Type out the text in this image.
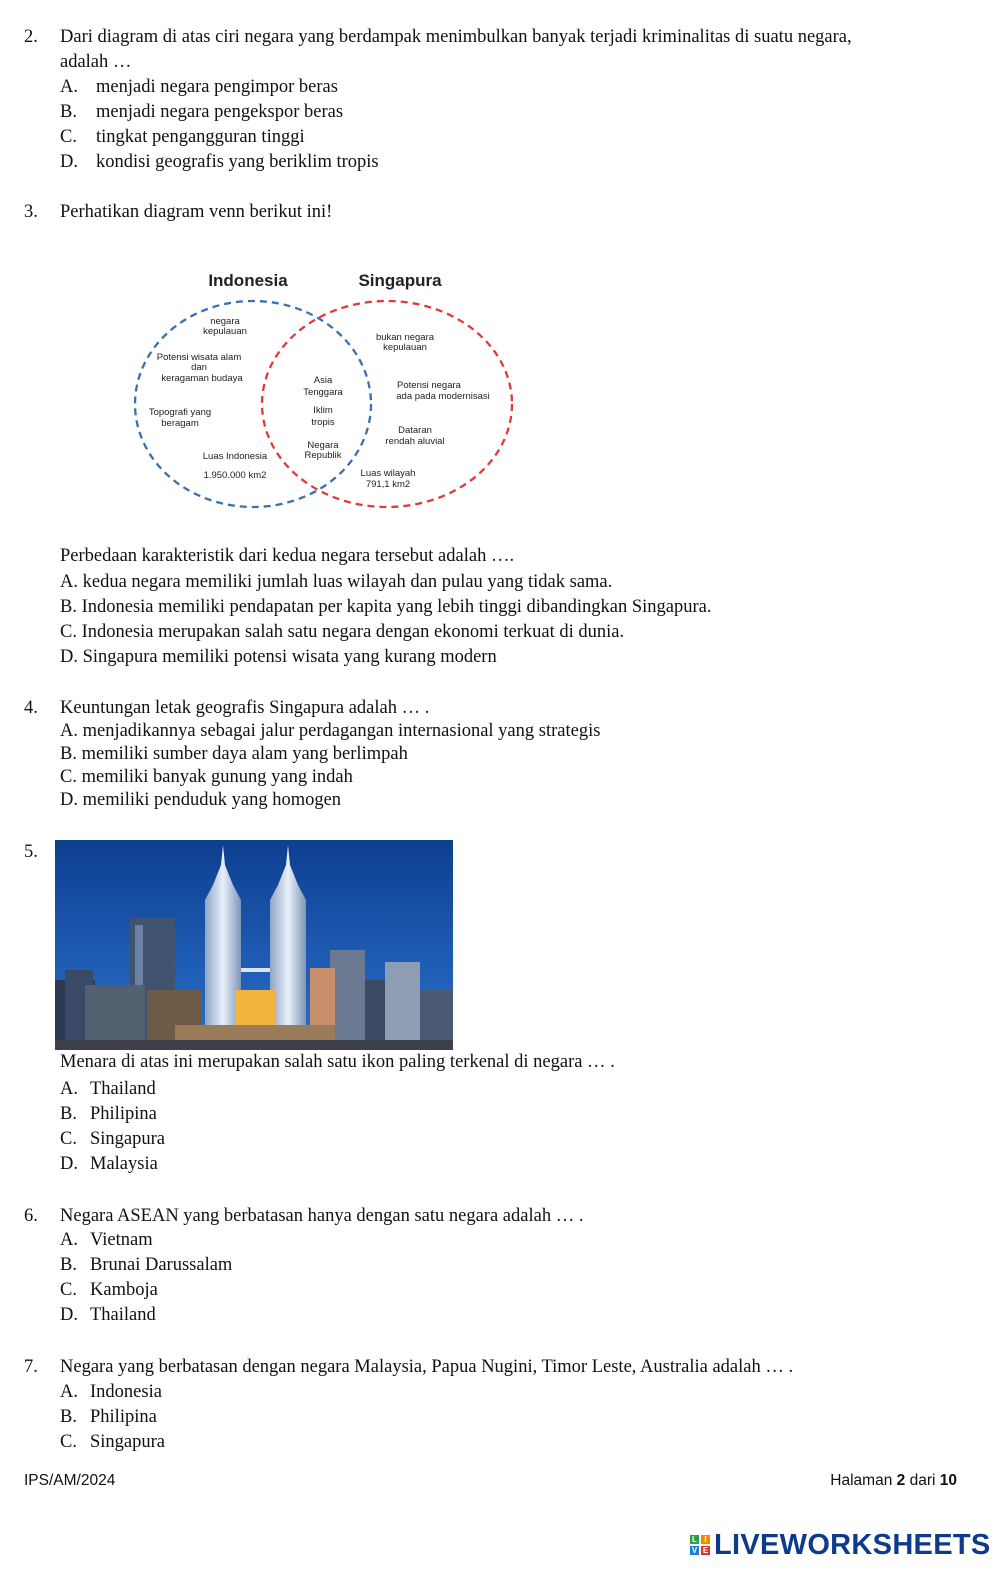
2. Dari diagram di atas ciri negara yang berdampak menimbulkan banyak terjadi kriminalitas di suatu negara,
adalah …
A. menjadi negara pengimpor beras
B. menjadi negara pengekspor beras
C. tingkat pengangguran tinggi
D. kondisi geografis yang beriklim tropis
3. Perhatikan diagram venn berikut ini!
Indonesia	Singapura
negara
kepulauan
Potensi wisata alam
dan
keragaman budaya
Topografi yang
beragam
Luas Indonesia
1.950.000 km2
Asia
Tenggara
Iklim
tropis
Negara
Republik
bukan negara
kepulauan
Potensi negara
ada pada modernisasi
Dataran
rendah aluvial
Luas wilayah
791,1 km2
Perbedaan karakteristik dari kedua negara tersebut adalah ….
A. kedua negara memiliki jumlah luas wilayah dan pulau yang tidak sama.
B. Indonesia memiliki pendapatan per kapita yang lebih tinggi dibandingkan Singapura.
C. Indonesia merupakan salah satu negara dengan ekonomi terkuat di dunia.
D. Singapura memiliki potensi wisata yang kurang modern
4. Keuntungan letak geografis Singapura adalah … .
A. menjadikannya sebagai jalur perdagangan internasional yang strategis
B. memiliki sumber daya alam yang berlimpah
C. memiliki banyak gunung yang indah
D. memiliki penduduk yang homogen
5.
Menara di atas ini merupakan salah satu ikon paling terkenal di negara … .
A. Thailand
B. Philipina
C. Singapura
D. Malaysia
6. Negara ASEAN yang berbatasan hanya dengan satu negara adalah … .
A. Vietnam
B. Brunai Darussalam
C. Kamboja
D. Thailand
7. Negara yang berbatasan dengan negara Malaysia, Papua Nugini, Timor Leste, Australia adalah … .
A. Indonesia
B. Philipina
C. Singapura
IPS/AM/2024	Halaman 2 dari 10
L I
V E LIVEWORKSHEETS
